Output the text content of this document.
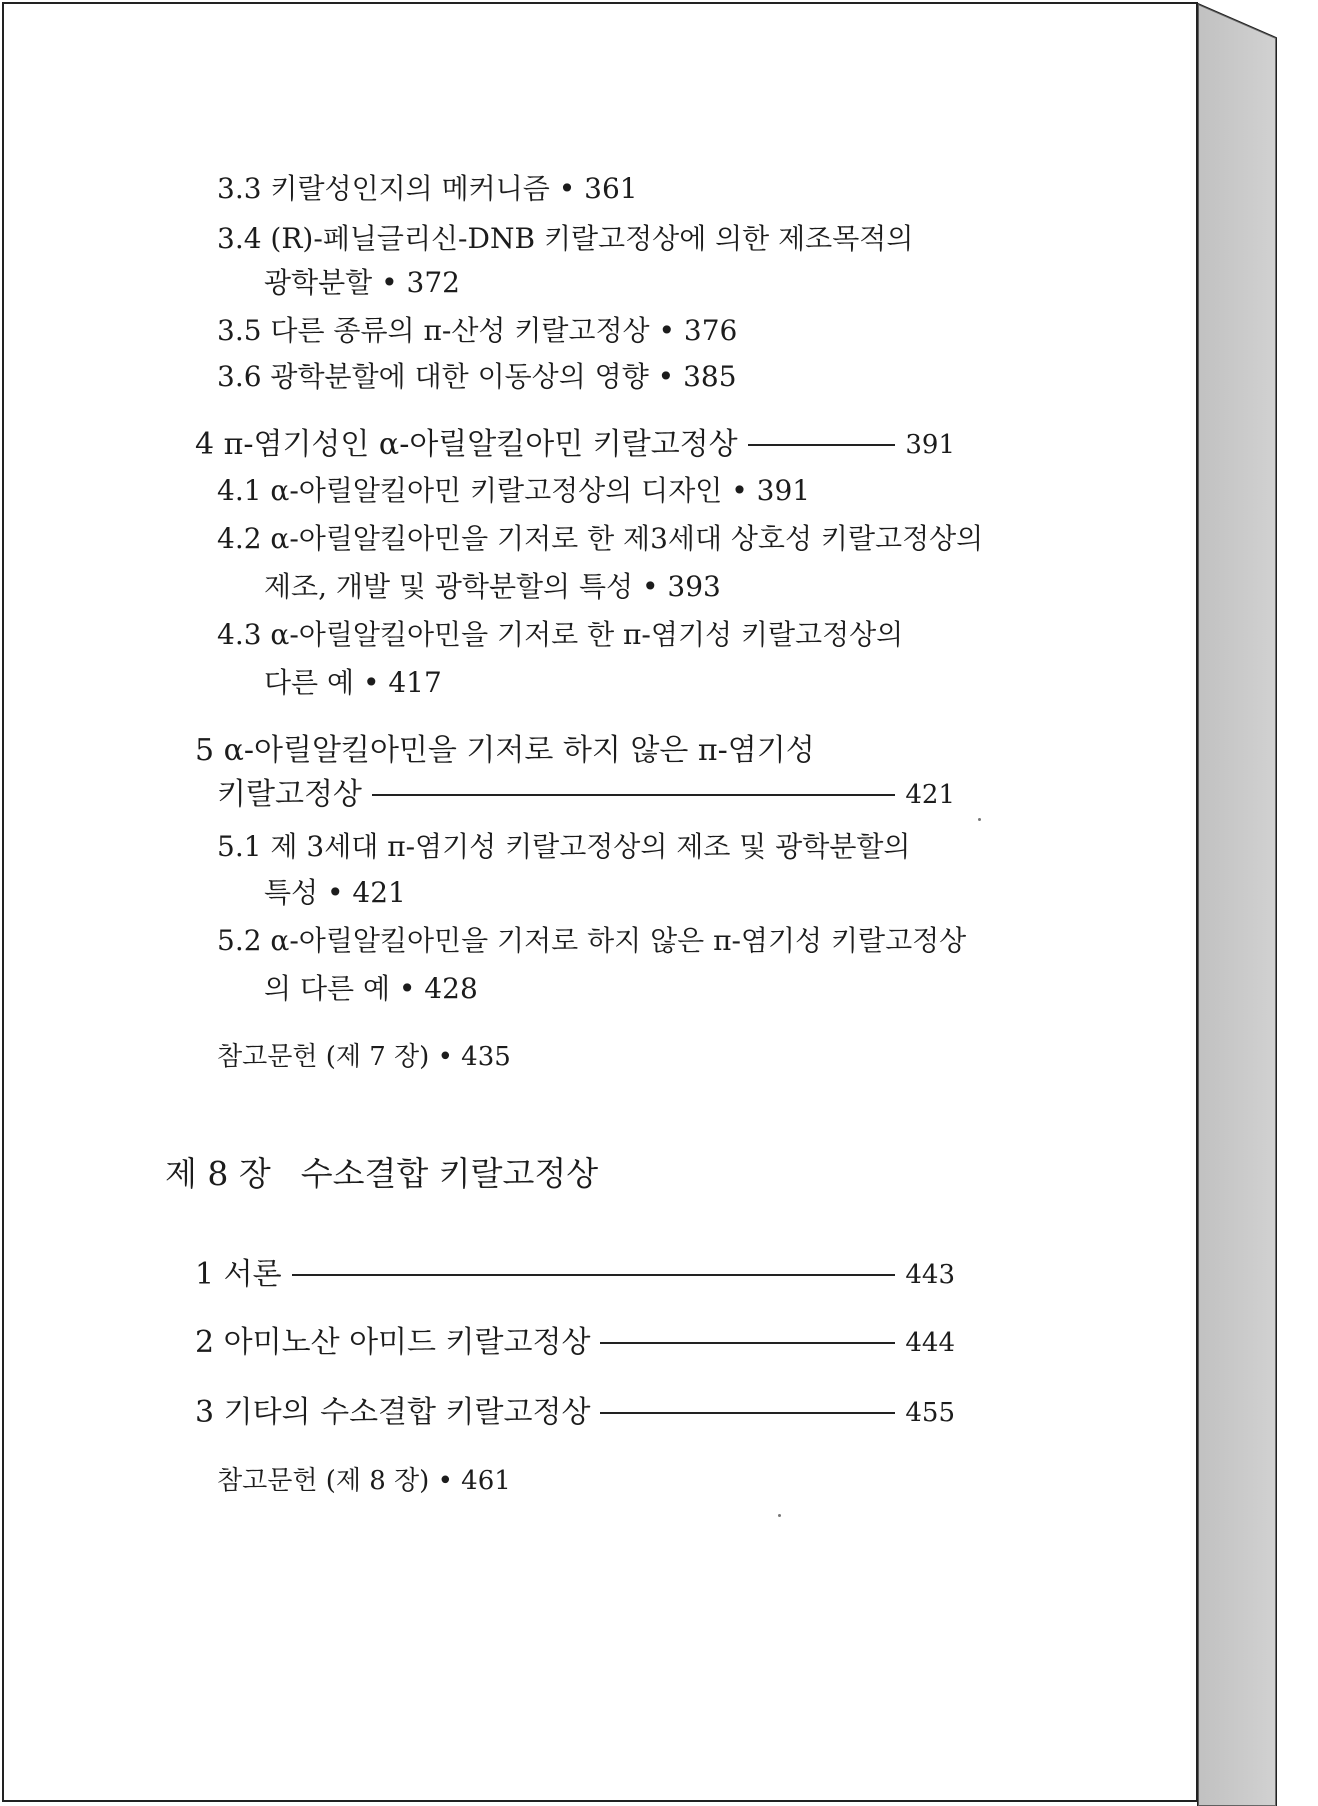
3.3 키랄성인지의 메커니즘 • 361
3.4 (R)-페닐글리신-DNB 키랄고정상에 의한 제조목적의
광학분할 • 372
3.5 다른 종류의 π-산성 키랄고정상 • 376
3.6 광학분할에 대한 이동상의 영향 • 385
4 π-염기성인 α-아릴알킬아민 키랄고정상	391
4.1 α-아릴알킬아민 키랄고정상의 디자인 • 391
4.2 α-아릴알킬아민을 기저로 한 제3세대 상호성 키랄고정상의
제조, 개발 및 광학분할의 특성 • 393
4.3 α-아릴알킬아민을 기저로 한 π-염기성 키랄고정상의
다른 예 • 417
5 α-아릴알킬아민을 기저로 하지 않은 π-염기성
키랄고정상	421
5.1 제 3세대 π-염기성 키랄고정상의 제조 및 광학분할의
특성 • 421
5.2 α-아릴알킬아민을 기저로 하지 않은 π-염기성 키랄고정상
의 다른 예 • 428
참고문헌 (제 7 장) • 435
제 8 장 수소결합 키랄고정상
1 서론	443
2 아미노산 아미드 키랄고정상	444
3 기타의 수소결합 키랄고정상	455
참고문헌 (제 8 장) • 461
